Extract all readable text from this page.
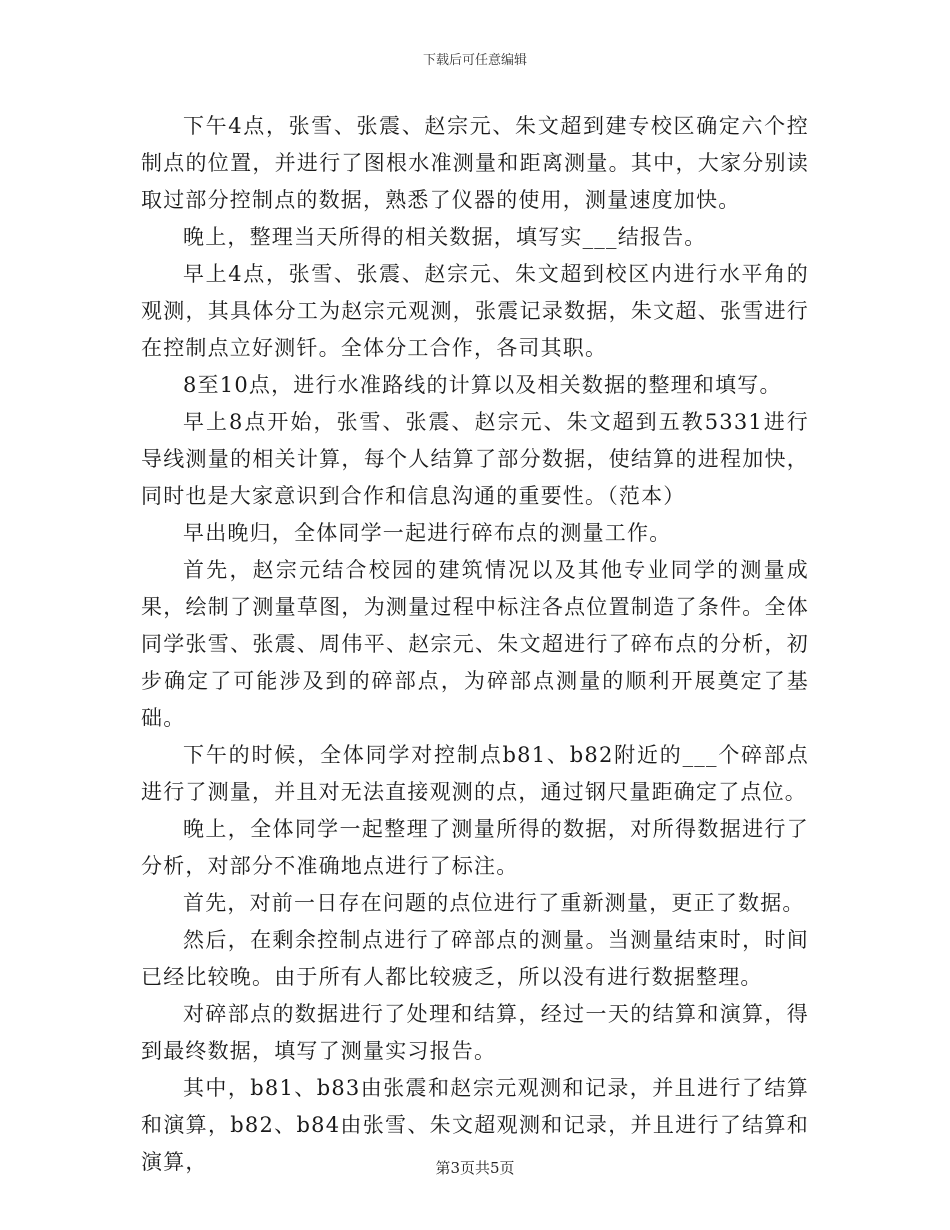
下载后可任意编辑

下午4点，张雪、张震、赵宗元、朱文超到建专校区确定六个控制点的位置，并进行了图根水准测量和距离测量。其中，大家分别读取过部分控制点的数据，熟悉了仪器的使用，测量速度加快。

晚上，整理当天所得的相关数据，填写实___结报告。

早上4点，张雪、张震、赵宗元、朱文超到校区内进行水平角的观测，其具体分工为赵宗元观测，张震记录数据，朱文超、张雪进行在控制点立好测钎。全体分工合作，各司其职。

8至10点，进行水准路线的计算以及相关数据的整理和填写。

早上8点开始，张雪、张震、赵宗元、朱文超到五教5331进行导线测量的相关计算，每个人结算了部分数据，使结算的进程加快，同时也是大家意识到合作和信息沟通的重要性。（范本）

早出晚归，全体同学一起进行碎布点的测量工作。

首先，赵宗元结合校园的建筑情况以及其他专业同学的测量成果，绘制了测量草图，为测量过程中标注各点位置制造了条件。全体同学张雪、张震、周伟平、赵宗元、朱文超进行了碎布点的分析，初步确定了可能涉及到的碎部点，为碎部点测量的顺利开展奠定了基础。

下午的时候，全体同学对控制点b81、b82附近的___个碎部点进行了测量，并且对无法直接观测的点，通过钢尺量距确定了点位。

晚上，全体同学一起整理了测量所得的数据，对所得数据进行了分析，对部分不准确地点进行了标注。

首先，对前一日存在问题的点位进行了重新测量，更正了数据。

然后，在剩余控制点进行了碎部点的测量。当测量结束时，时间已经比较晚。由于所有人都比较疲乏，所以没有进行数据整理。

对碎部点的数据进行了处理和结算，经过一天的结算和演算，得到最终数据，填写了测量实习报告。

其中，b81、b83由张震和赵宗元观测和记录，并且进行了结算和演算，b82、b84由张雪、朱文超观测和记录，并且进行了结算和演算，	第3页共5页
